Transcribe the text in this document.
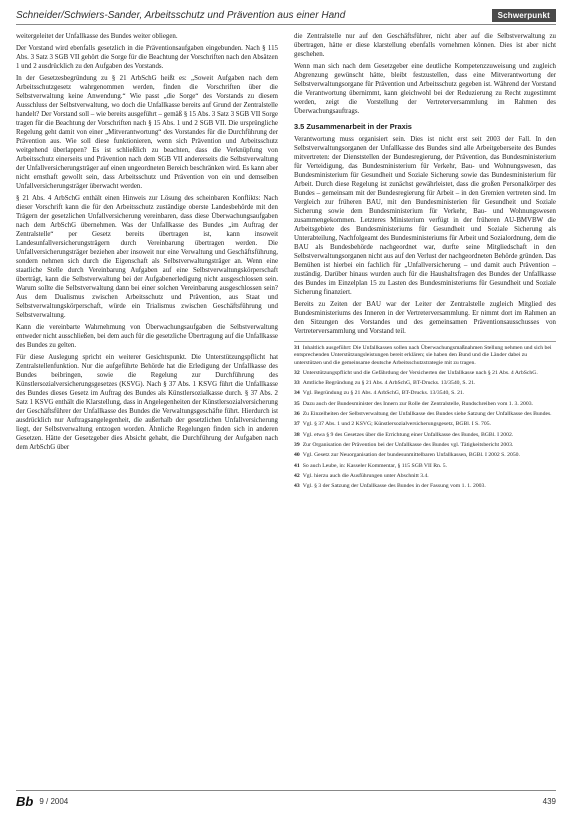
Schneider/Schwiers-Sander, Arbeitsschutz und Prävention aus einer Hand	Schwerpunkt

weitergeleitet der Unfallkasse des Bundes weiter obliegen.

Der Vorstand wird ebenfalls gesetzlich in die Präventionsaufgaben eingebunden. Nach § 115 Abs. 3 Satz 3 SGB VII gehört die Sorge für die Beachtung der Vorschriften nach den Absätzen 1 und 2 ausdrücklich zu den Aufgaben des Vorstands.

In der Gesetzesbegründung zu § 21 ArbSchG heißt es: „Soweit Aufgaben nach dem Arbeitsschutzgesetz wahrgenommen werden, finden die Vorschriften über die Selbstverwaltung keine Anwendung.“ Wie passt „die Sorge“ des Vorstands zu diesem Ausschluss der Selbstverwaltung, wo doch die Unfallkasse bereits auf Grund der Zentralstelle handelt? Der Vorstand soll – wie bereits ausgeführt – gemäß § 15 Abs. 3 Satz 3 SGB VII Sorge tragen für die Beachtung der Vorschriften nach § 15 Abs. 1 und 2 SGB VII. Die ursprüngliche Regelung geht damit von einer „Mitverantwortung“ des Vorstandes für die Durchführung der Prävention aus. Wie soll diese funktionieren, wenn sich Prävention und Arbeitsschutz weitgehend überlappen? Es ist schließlich zu beachten, dass die Verknüpfung von Arbeitsschutz einerseits und Prävention nach dem SGB VII andererseits die Selbstverwaltung der Unfallversicherungsträger auf einen ungeordneten Bereich beschränken wird. Es kann aber nicht ernsthaft gewollt sein, dass Arbeitsschutz und Prävention von ein und demselben Unfallversicherungsträger überwacht werden.

§ 21 Abs. 4 ArbSchG enthält einen Hinweis zur Lösung des scheinbaren Konflikts: Nach dieser Vorschrift kann die für den Arbeitsschutz zuständige oberste Landesbehörde mit den Trägern der gesetzlichen Unfallversicherung vereinbaren, dass diese Überwachungsaufgaben nach dem ArbSchG übernehmen. Was der Unfallkasse des Bundes „im Auftrag der Zentralstelle“ per Gesetz bereits übertragen ist, kann insoweit Landesunfallversicherungsträgern durch Vereinbarung übertragen werden. Die Unfallversicherungsträger beziehen aber insoweit nur eine Verwaltung und Geschäftsführung, sondern nehmen sich durch die Eigenschaft als Selbstverwaltungsträger an. Wenn eine staatliche Stelle durch Vereinbarung Aufgaben auf eine Selbstverwaltungskörperschaft überträgt, kann die Selbstverwaltung bei der Aufgabenerledigung nicht ausgeschlossen sein. Warum sollte die Selbstverwaltung dann bei einer solchen Vereinbarung ausgeschlossen sein? Aus dem Dualismus zwischen Arbeitsschutz und Prävention, aus Staat und Selbstverwaltungskörperschaft, würde ein Trialismus zwischen Geschäftsführung und Selbstverwaltung.

Kann die vereinbarte Wahrnehmung von Überwachungsaufgaben die Selbstverwaltung entweder nicht ausschließen, bei dem auch für die gesetzliche Übertragung auf die Unfallkasse des Bundes zu gelten.

Für diese Auslegung spricht ein weiterer Gesichtspunkt. Die Unterstützungspflicht hat Zentralstellenfunktion. Nur die aufgeführte Behörde hat die Erledigung der Unfallkasse des Bundes beibringen, sowie die Regelung zur Durchführung des Künstlersozialversicherungsgesetzes (KSVG). Nach § 37 Abs. 1 KSVG führt die Unfallkasse des Bundes dieses Gesetz im Auftrag des Bundes als Künstlersozialkasse durch. § 37 Abs. 2 Satz 1 KSVG enthält die Klarstellung, dass in Angelegenheiten der Künstlersozialversicherung der Geschäftsführer der Unfallkasse des Bundes die Verwaltungsgeschäfte führt. Hierdurch ist ausdrücklich nur Auftragsangelegenheit, die außerhalb der gesetzlichen Unfallversicherung liegt, der Selbstverwaltung entzogen worden. Ähnliche Regelungen finden sich in anderen Gesetzen. Hätte der Gesetzgeber dies Absicht gehabt, die Durchführung der Aufgaben nach dem ArbSchG über

die Zentralstelle nur auf den Geschäftsführer, nicht aber auf die Selbstverwaltung zu übertragen, hätte er diese klarstellung ebenfalls vornehmen können. Dies ist aber nicht geschehen.

Wenn man sich nach dem Gesetzgeber eine deutliche Kompetenzzuweisung und zugleich Abgrenzung gewünscht hätte, bleibt festzustellen, dass eine Mitverantwortung der Selbstverwaltungsorgane für Prävention und Arbeitsschutz gegeben ist. Während der Vorstand die Verantwortung übernimmt, kann gleichwohl bei der Reduzierung zu Recht zugestimmt werden, zeigt die Vorstellung der Vertreterversammlung im Rahmen des Überwachungsauftrags.

3.5 Zusammenarbeit in der Praxis

Verantwortung muss organisiert sein. Dies ist nicht erst seit 2003 der Fall. In den Selbstverwaltungsorganen der Unfallkasse des Bundes sind alle Arbeitgeberseite des Bundes mitvertreten: der Dienststellen der Bundesregierung, der Prävention, das Bundesministerium für Verteidigung, das Bundesministerium für Verkehr, Bau- und Wohnungswesen, das Bundesministerium für Gesundheit und Soziale Sicherung sowie das Bundesministerium für Arbeit. Durch diese Regelung ist zunächst gewährleistet, dass die großen Personalkörper des Bundes – gemeinsam mit der Bundesregierung für Arbeit – in den Gremien vertreten sind. Im Vergleich zur früheren BAU, mit den Bundesministerien für Gesundheit und Soziale Sicherung sowie dem Bundesministerium für Verkehr, Bau- und Wohnungswesen zusammengekommen. Letzteres Ministerium verfügt in der früheren AU-BMVBW die Arbeitsgebiete des Bundesministeriums für Gesundheit und Soziale Sicherung als Unterabteilung, Nachfolgeamt des Bundesministeriums für Arbeit und Sozialordnung, dem die BAU als Bundesbehörde nachgeordnet war, durfte seine Mitgliedschaft in den Selbstverwaltungsorganen nicht aus auf den Verlust der nachgeordneten Behörde gründen. Das Bemühen ist hierbei ein fachlich für „Unfallversicherung – und damit auch Prävention – zuständig. Darüber hinaus wurden auch für die Haushaltsfragen des Bundes der Unfallkasse des Bundes im Einzelplan 15 zu Lasten des Bundesministeriums für Gesundheit und Soziale Sicherung finanziert.

Bereits zu Zeiten der BAU war der Leiter der Zentralstelle zugleich Mitglied des Bundesministeriums des Inneren in der Vertreterversammlung. Er nimmt dort im Rahmen an den Sitzungen des Vorstandes und des gemeinsamen Präventionsausschusses von Vertreterversammlung und Vorstand teil.

31 Inhaltlich ausgeführt: Die Unfallkassen sollen nach Überwachungsmaßnahmen Stellung nehmen und sich bei entsprechenden Unterstützungsleistungen bereit erklären; sie haben den Bund und die Länder dabei zu unterstützen und die gemeinsame deutsche Arbeitsschutzstrategie mit zu tragen.

32 Unterstützungspflicht und die Gefährdung der Versicherten der Unfallkasse nach § 21 Abs. 4 ArbSchG.

33 Amtliche Begründung zu § 21 Abs. 4 ArbSchG, BT-Drucks. 13/3540, S. 21.

34 Vgl. Begründung zu § 21 Abs. 4 ArbSchG, BT-Drucks. 13/3540, S. 21.

35 Dazu auch der Bundesminister des Innern zur Rolle der Zentralstelle, Rundschreiben vom 1. 3. 2003.

36 Zu Einzelheiten der Selbstverwaltung der Unfallkasse des Bundes siehe Satzung der Unfallkasse des Bundes.

37 Vgl. § 37 Abs. 1 und 2 KSVG; Künstlersozialversicherungsgesetz, BGBl. I S. 705.

38 Vgl. etwa § 9 des Gesetzes über die Errichtung einer Unfallkasse des Bundes, BGBl. I 2002.

39 Zur Organisation der Prävention bei der Unfallkasse des Bundes vgl. Tätigkeitsbericht 2003.

40 Vgl. Gesetz zur Neuorganisation der bundesunmittelbaren Unfallkassen, BGBl. I 2002 S. 2050.

41 So auch Leube, in: Kasseler Kommentar, § 115 SGB VII Rn. 5.

42 Vgl. hierzu auch die Ausführungen unter Abschnitt 3.4.

43 Vgl. § 3 der Satzung der Unfallkasse des Bundes in der Fassung vom 1. 1. 2003.

Bb 9 / 2004	439
